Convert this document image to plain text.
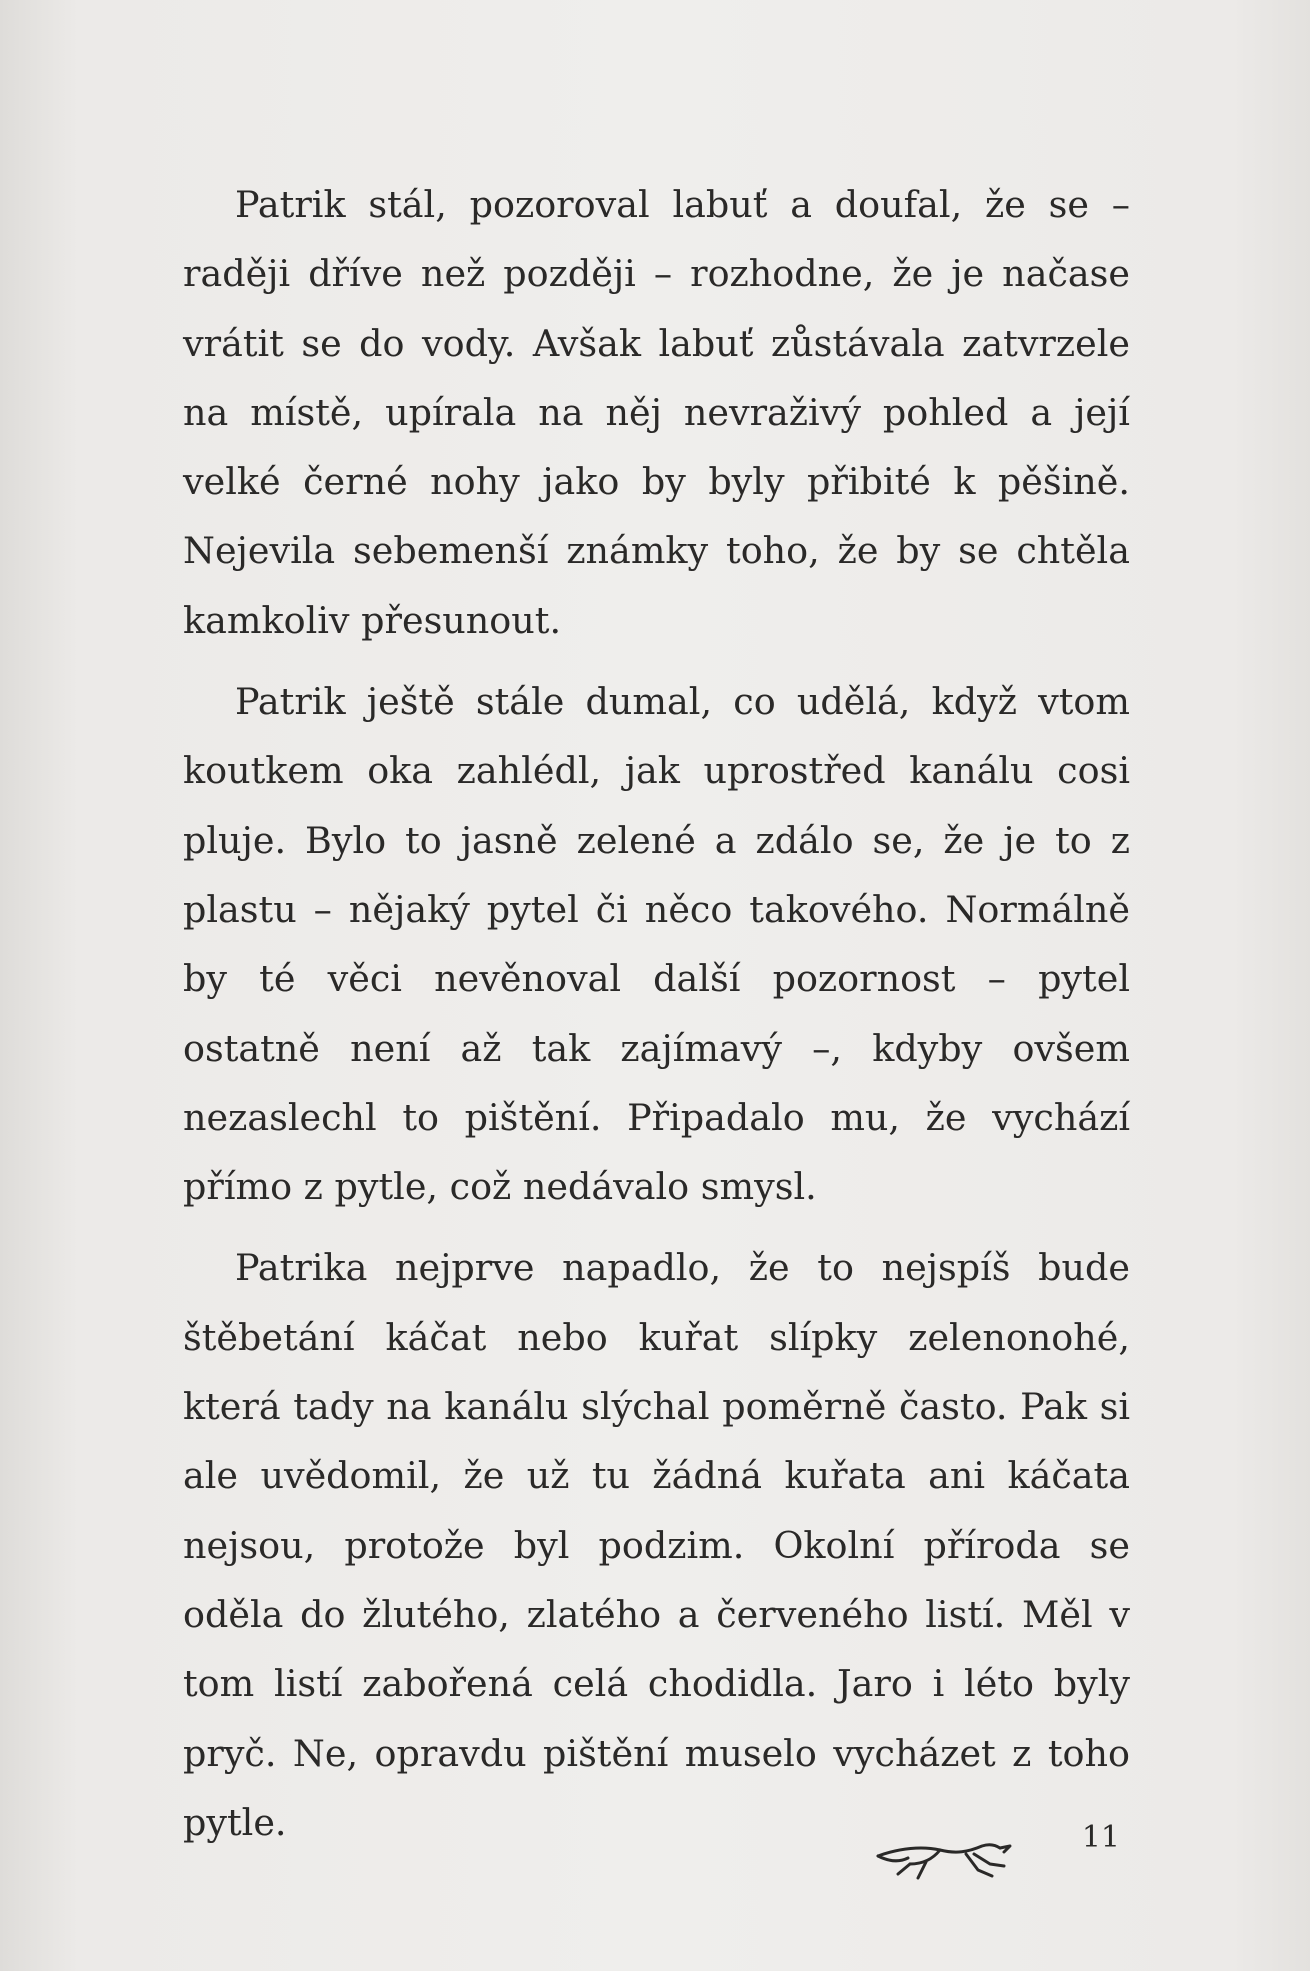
Patrik stál, pozoroval labuť a doufal, že se – raději dříve než později – rozhodne, že je načase vrátit se do vody. Avšak labuť zůstávala zatvrzele na místě, upírala na něj nevraživý pohled a její velké černé nohy jako by byly přibité k pěšině. Nejevila sebemenší známky toho, že by se chtěla kamkoliv přesunout.

Patrik ještě stále dumal, co udělá, když vtom koutkem oka zahlédl, jak uprostřed kanálu cosi pluje. Bylo to jasně zelené a zdálo se, že je to z plastu – nějaký pytel či něco takového. Normálně by té věci nevěnoval další pozornost – pytel ostatně není až tak zajímavý –, kdyby ovšem nezaslechl to pištění. Připadalo mu, že vychází přímo z pytle, což nedávalo smysl.

Patrika nejprve napadlo, že to nejspíš bude štěbetání káčat nebo kuřat slípky zelenonohé, která tady na kanálu slýchal poměrně často. Pak si ale uvědomil, že už tu žádná kuřata ani káčata nejsou, protože byl podzim. Okolní příroda se oděla do žlutého, zlatého a červeného listí. Měl v tom listí zabořená celá chodidla. Jaro i léto byly pryč. Ne, opravdu pištění muselo vycházet z toho pytle.	11
